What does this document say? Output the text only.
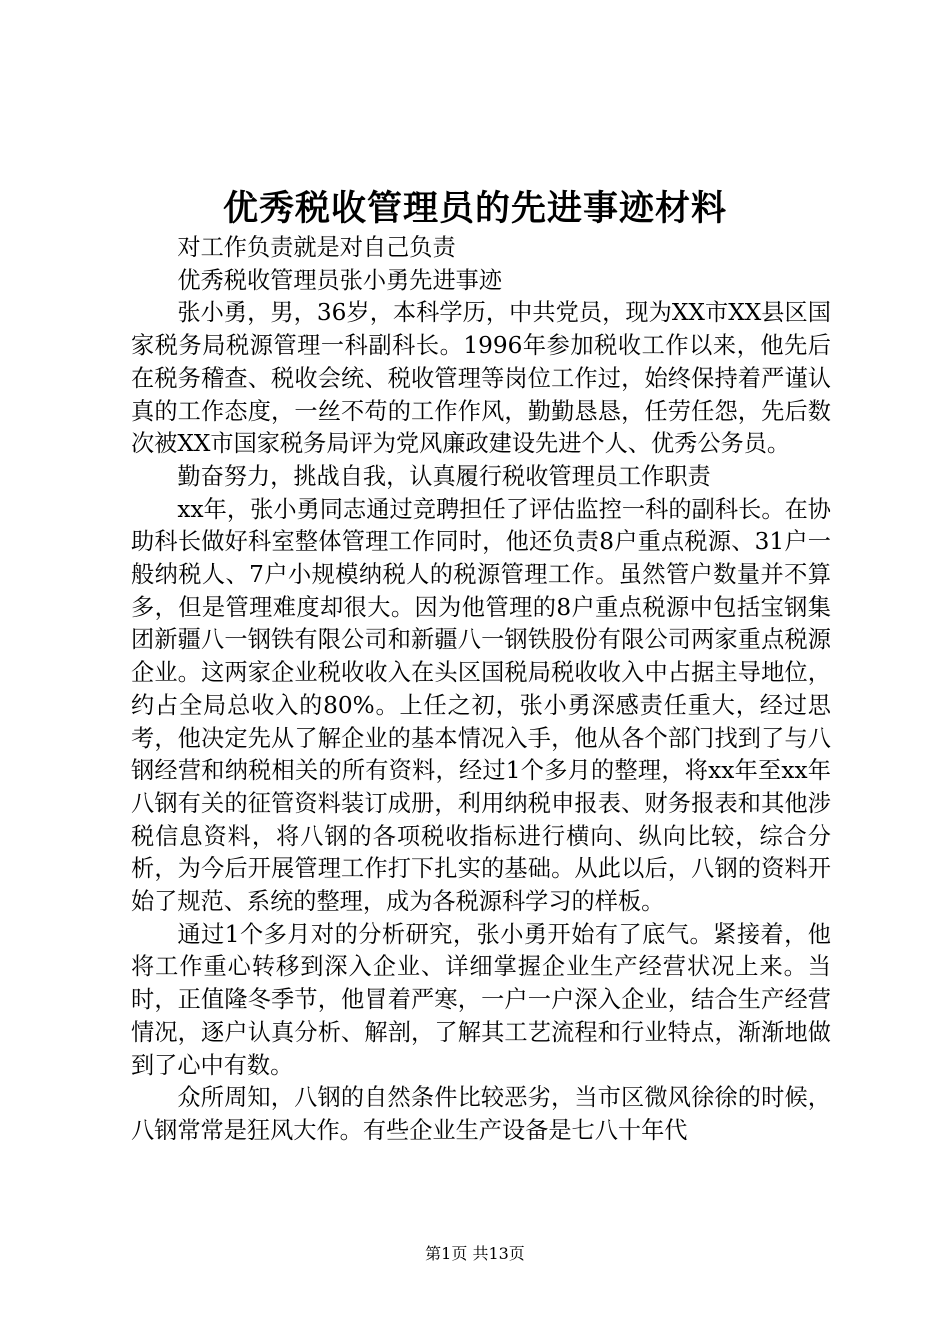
优秀税收管理员的先进事迹材料

对工作负责就是对自己负责

优秀税收管理员张小勇先进事迹

张小勇，男，36岁，本科学历，中共党员，现为XX市XX县区国家税务局税源管理一科副科长。1996年参加税收工作以来，他先后在税务稽查、税收会统、税收管理等岗位工作过，始终保持着严谨认真的工作态度，一丝不苟的工作作风，勤勤恳恳，任劳任怨，先后数次被XX市国家税务局评为党风廉政建设先进个人、优秀公务员。

勤奋努力，挑战自我，认真履行税收管理员工作职责

xx年，张小勇同志通过竞聘担任了评估监控一科的副科长。在协助科长做好科室整体管理工作同时，他还负责8户重点税源、31户一般纳税人、7户小规模纳税人的税源管理工作。虽然管户数量并不算多，但是管理难度却很大。因为他管理的8户重点税源中包括宝钢集团新疆八一钢铁有限公司和新疆八一钢铁股份有限公司两家重点税源企业。这两家企业税收收入在头区国税局税收收入中占据主导地位，约占全局总收入的80%。上任之初，张小勇深感责任重大，经过思考，他决定先从了解企业的基本情况入手，他从各个部门找到了与八钢经营和纳税相关的所有资料，经过1个多月的整理，将xx年至xx年八钢有关的征管资料装订成册，利用纳税申报表、财务报表和其他涉税信息资料，将八钢的各项税收指标进行横向、纵向比较，综合分析，为今后开展管理工作打下扎实的基础。从此以后，八钢的资料开始了规范、系统的整理，成为各税源科学习的样板。

通过1个多月对的分析研究，张小勇开始有了底气。紧接着，他将工作重心转移到深入企业、详细掌握企业生产经营状况上来。当时，正值隆冬季节，他冒着严寒，一户一户深入企业，结合生产经营情况，逐户认真分析、解剖，了解其工艺流程和行业特点，渐渐地做到了心中有数。

众所周知，八钢的自然条件比较恶劣，当市区微风徐徐的时候，八钢常常是狂风大作。有些企业生产设备是七八十年代

第1页 共13页
